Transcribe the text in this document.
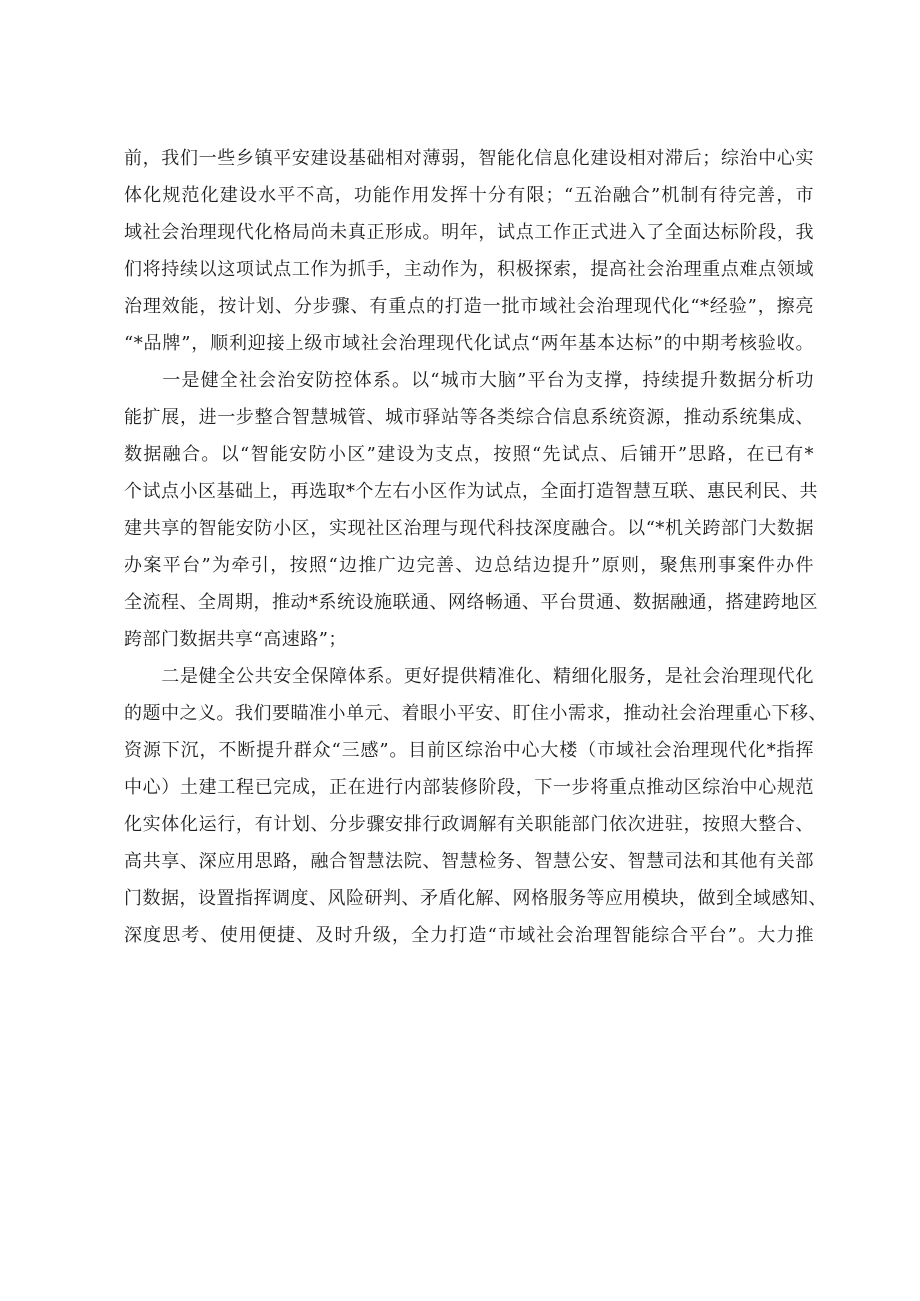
前，我们一些乡镇平安建设基础相对薄弱，智能化信息化建设相对滞后；综治中心实
体化规范化建设水平不高，功能作用发挥十分有限；“五治融合”机制有待完善，市
域社会治理现代化格局尚未真正形成。明年，试点工作正式进入了全面达标阶段，我
们将持续以这项试点工作为抓手，主动作为，积极探索，提高社会治理重点难点领域
治理效能，按计划、分步骤、有重点的打造一批市域社会治理现代化“*经验”，擦亮
“*品牌”，顺利迎接上级市域社会治理现代化试点“两年基本达标”的中期考核验收。
　　一是健全社会治安防控体系。以“城市大脑”平台为支撑，持续提升数据分析功
能扩展，进一步整合智慧城管、城市驿站等各类综合信息系统资源，推动系统集成、
数据融合。以“智能安防小区”建设为支点，按照“先试点、后铺开”思路，在已有*
个试点小区基础上，再选取*个左右小区作为试点，全面打造智慧互联、惠民利民、共
建共享的智能安防小区，实现社区治理与现代科技深度融合。以“*机关跨部门大数据
办案平台”为牵引，按照“边推广边完善、边总结边提升”原则，聚焦刑事案件办件
全流程、全周期，推动*系统设施联通、网络畅通、平台贯通、数据融通，搭建跨地区
跨部门数据共享“高速路”；
　　二是健全公共安全保障体系。更好提供精准化、精细化服务，是社会治理现代化
的题中之义。我们要瞄准小单元、着眼小平安、盯住小需求，推动社会治理重心下移、
资源下沉，不断提升群众“三感”。目前区综治中心大楼（市域社会治理现代化*指挥
中心）土建工程已完成，正在进行内部装修阶段，下一步将重点推动区综治中心规范
化实体化运行，有计划、分步骤安排行政调解有关职能部门依次进驻，按照大整合、
高共享、深应用思路，融合智慧法院、智慧检务、智慧公安、智慧司法和其他有关部
门数据，设置指挥调度、风险研判、矛盾化解、网格服务等应用模块，做到全域感知、
深度思考、使用便捷、及时升级，全力打造“市域社会治理智能综合平台”。大力推
